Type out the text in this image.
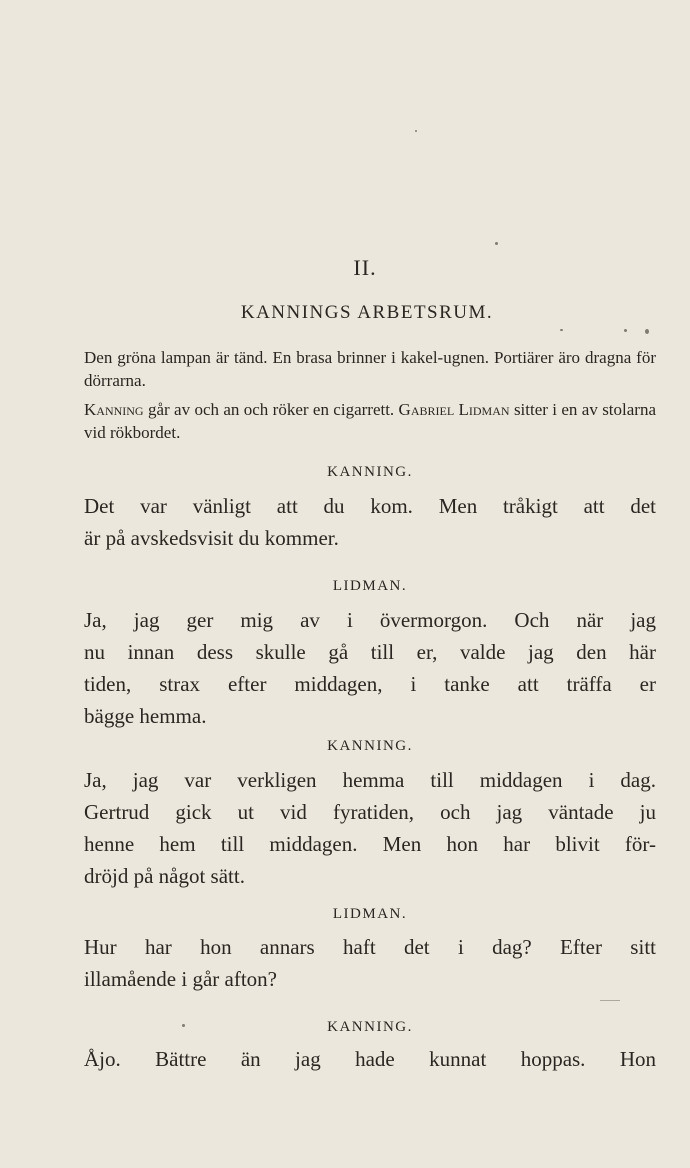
II.
KANNINGS ARBETSRUM.
Den gröna lampan är tänd. En brasa brinner i kakel-ugnen. Portiärer äro dragna för dörrarna.
Kanning går av och an och röker en cigarrett. Gabriel Lidman sitter i en av stolarna vid rökbordet.
KANNING.
Det var vänligt att du kom. Men tråkigt att det
är på avskedsvisit du kommer.
LIDMAN.
Ja, jag ger mig av i övermorgon. Och när jag
nu innan dess skulle gå till er, valde jag den här
tiden, strax efter middagen, i tanke att träffa er
bägge hemma.
KANNING.
Ja, jag var verkligen hemma till middagen i dag.
Gertrud gick ut vid fyratiden, och jag väntade ju
henne hem till middagen. Men hon har blivit för-
dröjd på något sätt.
LIDMAN.
Hur har hon annars haft det i dag? Efter sitt
illamående i går afton?
KANNING.
Åjo. Bättre än jag hade kunnat hoppas. Hon
